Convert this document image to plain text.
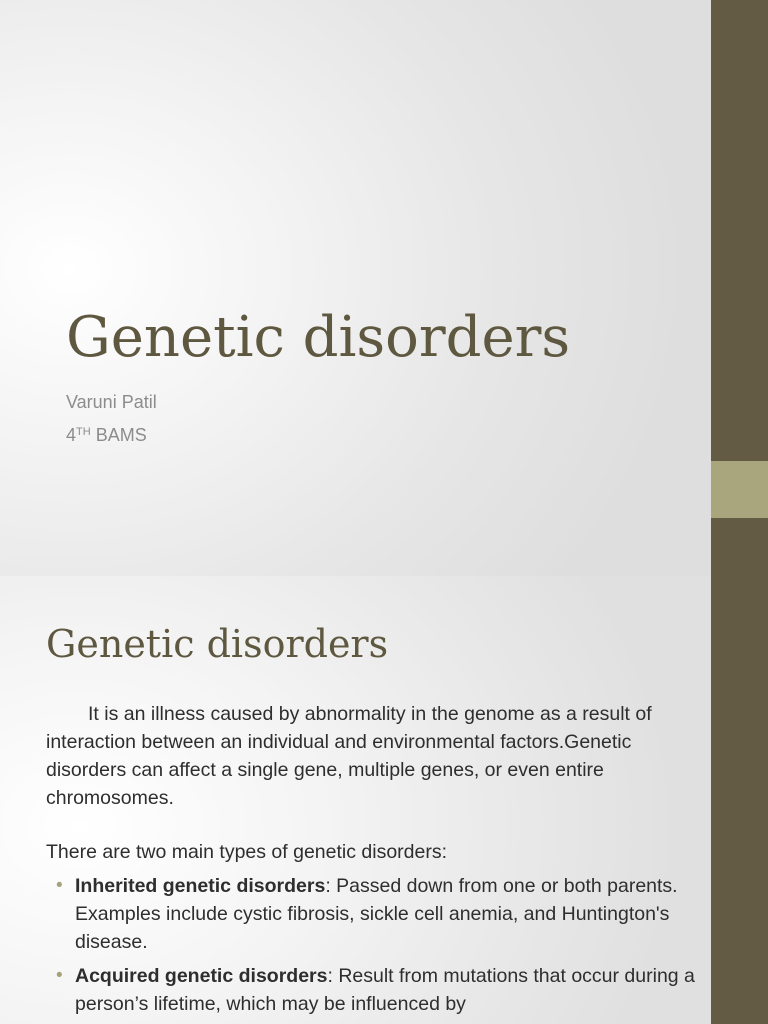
Genetic disorders

Varuni Patil

4TH BAMS

Genetic disorders

It is an illness caused by abnormality in the genome as a result of interaction between an individual and environmental factors.Genetic disorders can affect a single gene, multiple genes, or even entire chromosomes.

There are two main types of genetic disorders:

• Inherited genetic disorders: Passed down from one or both parents. Examples include cystic fibrosis, sickle cell anemia, and Huntington's disease.
• Acquired genetic disorders: Result from mutations that occur during a person’s lifetime, which may be influenced by
